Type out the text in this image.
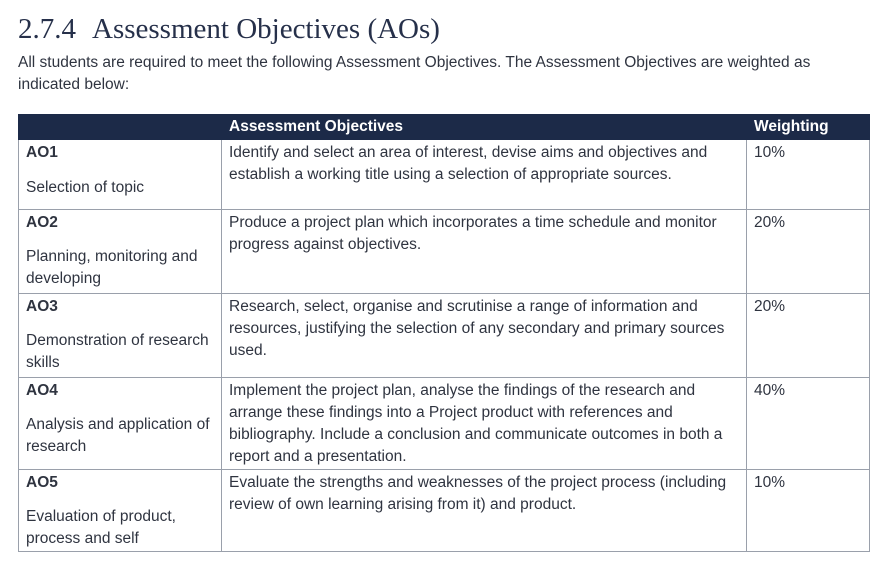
2.7.4 Assessment Objectives (AOs)

All students are required to meet the following Assessment Objectives. The Assessment Objectives are weighted as indicated below:

	Assessment Objectives	Weighting

AO1
Selection of topic	Identify and select an area of interest, devise aims and objectives and establish a working title using a selection of appropriate sources.	10%

AO2
Planning, monitoring and developing	Produce a project plan which incorporates a time schedule and monitor progress against objectives.	20%

AO3
Demonstration of research skills	Research, select, organise and scrutinise a range of information and resources, justifying the selection of any secondary and primary sources used.	20%

AO4
Analysis and application of research	Implement the project plan, analyse the findings of the research and arrange these findings into a Project product with references and bibliography. Include a conclusion and communicate outcomes in both a report and a presentation.	40%

AO5
Evaluation of product, process and self	Evaluate the strengths and weaknesses of the project process (including review of own learning arising from it) and product.	10%
